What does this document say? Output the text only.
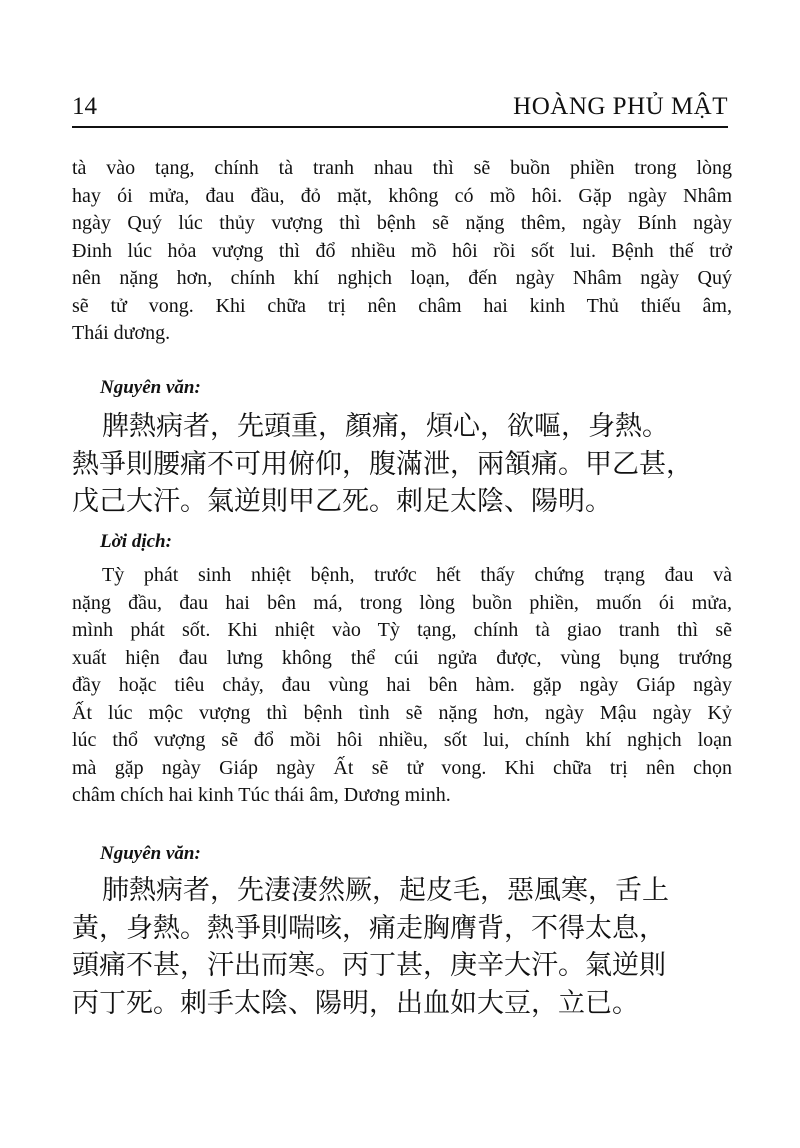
14	HOÀNG PHỦ MẬT
tà vào tạng, chính tà tranh nhau thì sẽ buồn phiền trong lòng
hay ói mửa, đau đầu, đỏ mặt, không có mồ hôi. Gặp ngày Nhâm
ngày Quý lúc thủy vượng thì bệnh sẽ nặng thêm, ngày Bính ngày
Đinh lúc hỏa vượng thì đổ nhiều mồ hôi rồi sốt lui. Bệnh thế trở
nên nặng hơn, chính khí nghịch loạn, đến ngày Nhâm ngày Quý
sẽ tử vong. Khi chữa trị nên châm hai kinh Thủ thiếu âm,
Thái dương.
Nguyên văn:
脾熱病者，先頭重，顏痛，煩心，欲嘔，身熱。
熱爭則腰痛不可用俯仰，腹滿泄，兩頷痛。甲乙甚，
戊己大汗。氣逆則甲乙死。刺足太陰、陽明。
Lời dịch:
Tỳ phát sinh nhiệt bệnh, trước hết thấy chứng trạng đau và
nặng đầu, đau hai bên má, trong lòng buồn phiền, muốn ói mửa,
mình phát sốt. Khi nhiệt vào Tỳ tạng, chính tà giao tranh thì sẽ
xuất hiện đau lưng không thể cúi ngửa được, vùng bụng trướng
đầy hoặc tiêu chảy, đau vùng hai bên hàm. gặp ngày Giáp ngày
Ất lúc mộc vượng thì bệnh tình sẽ nặng hơn, ngày Mậu ngày Kỷ
lúc thổ vượng sẽ đổ mồi hôi nhiều, sốt lui, chính khí nghịch loạn
mà gặp ngày Giáp ngày Ất sẽ tử vong. Khi chữa trị nên chọn
châm chích hai kinh Túc thái âm, Dương minh.
Nguyên văn:
肺熱病者，先淒淒然厥，起皮毛，惡風寒，舌上
黃，身熱。熱爭則喘咳，痛走胸膺背，不得太息，
頭痛不甚，汗出而寒。丙丁甚，庚辛大汗。氣逆則
丙丁死。刺手太陰、陽明，出血如大豆，立已。
